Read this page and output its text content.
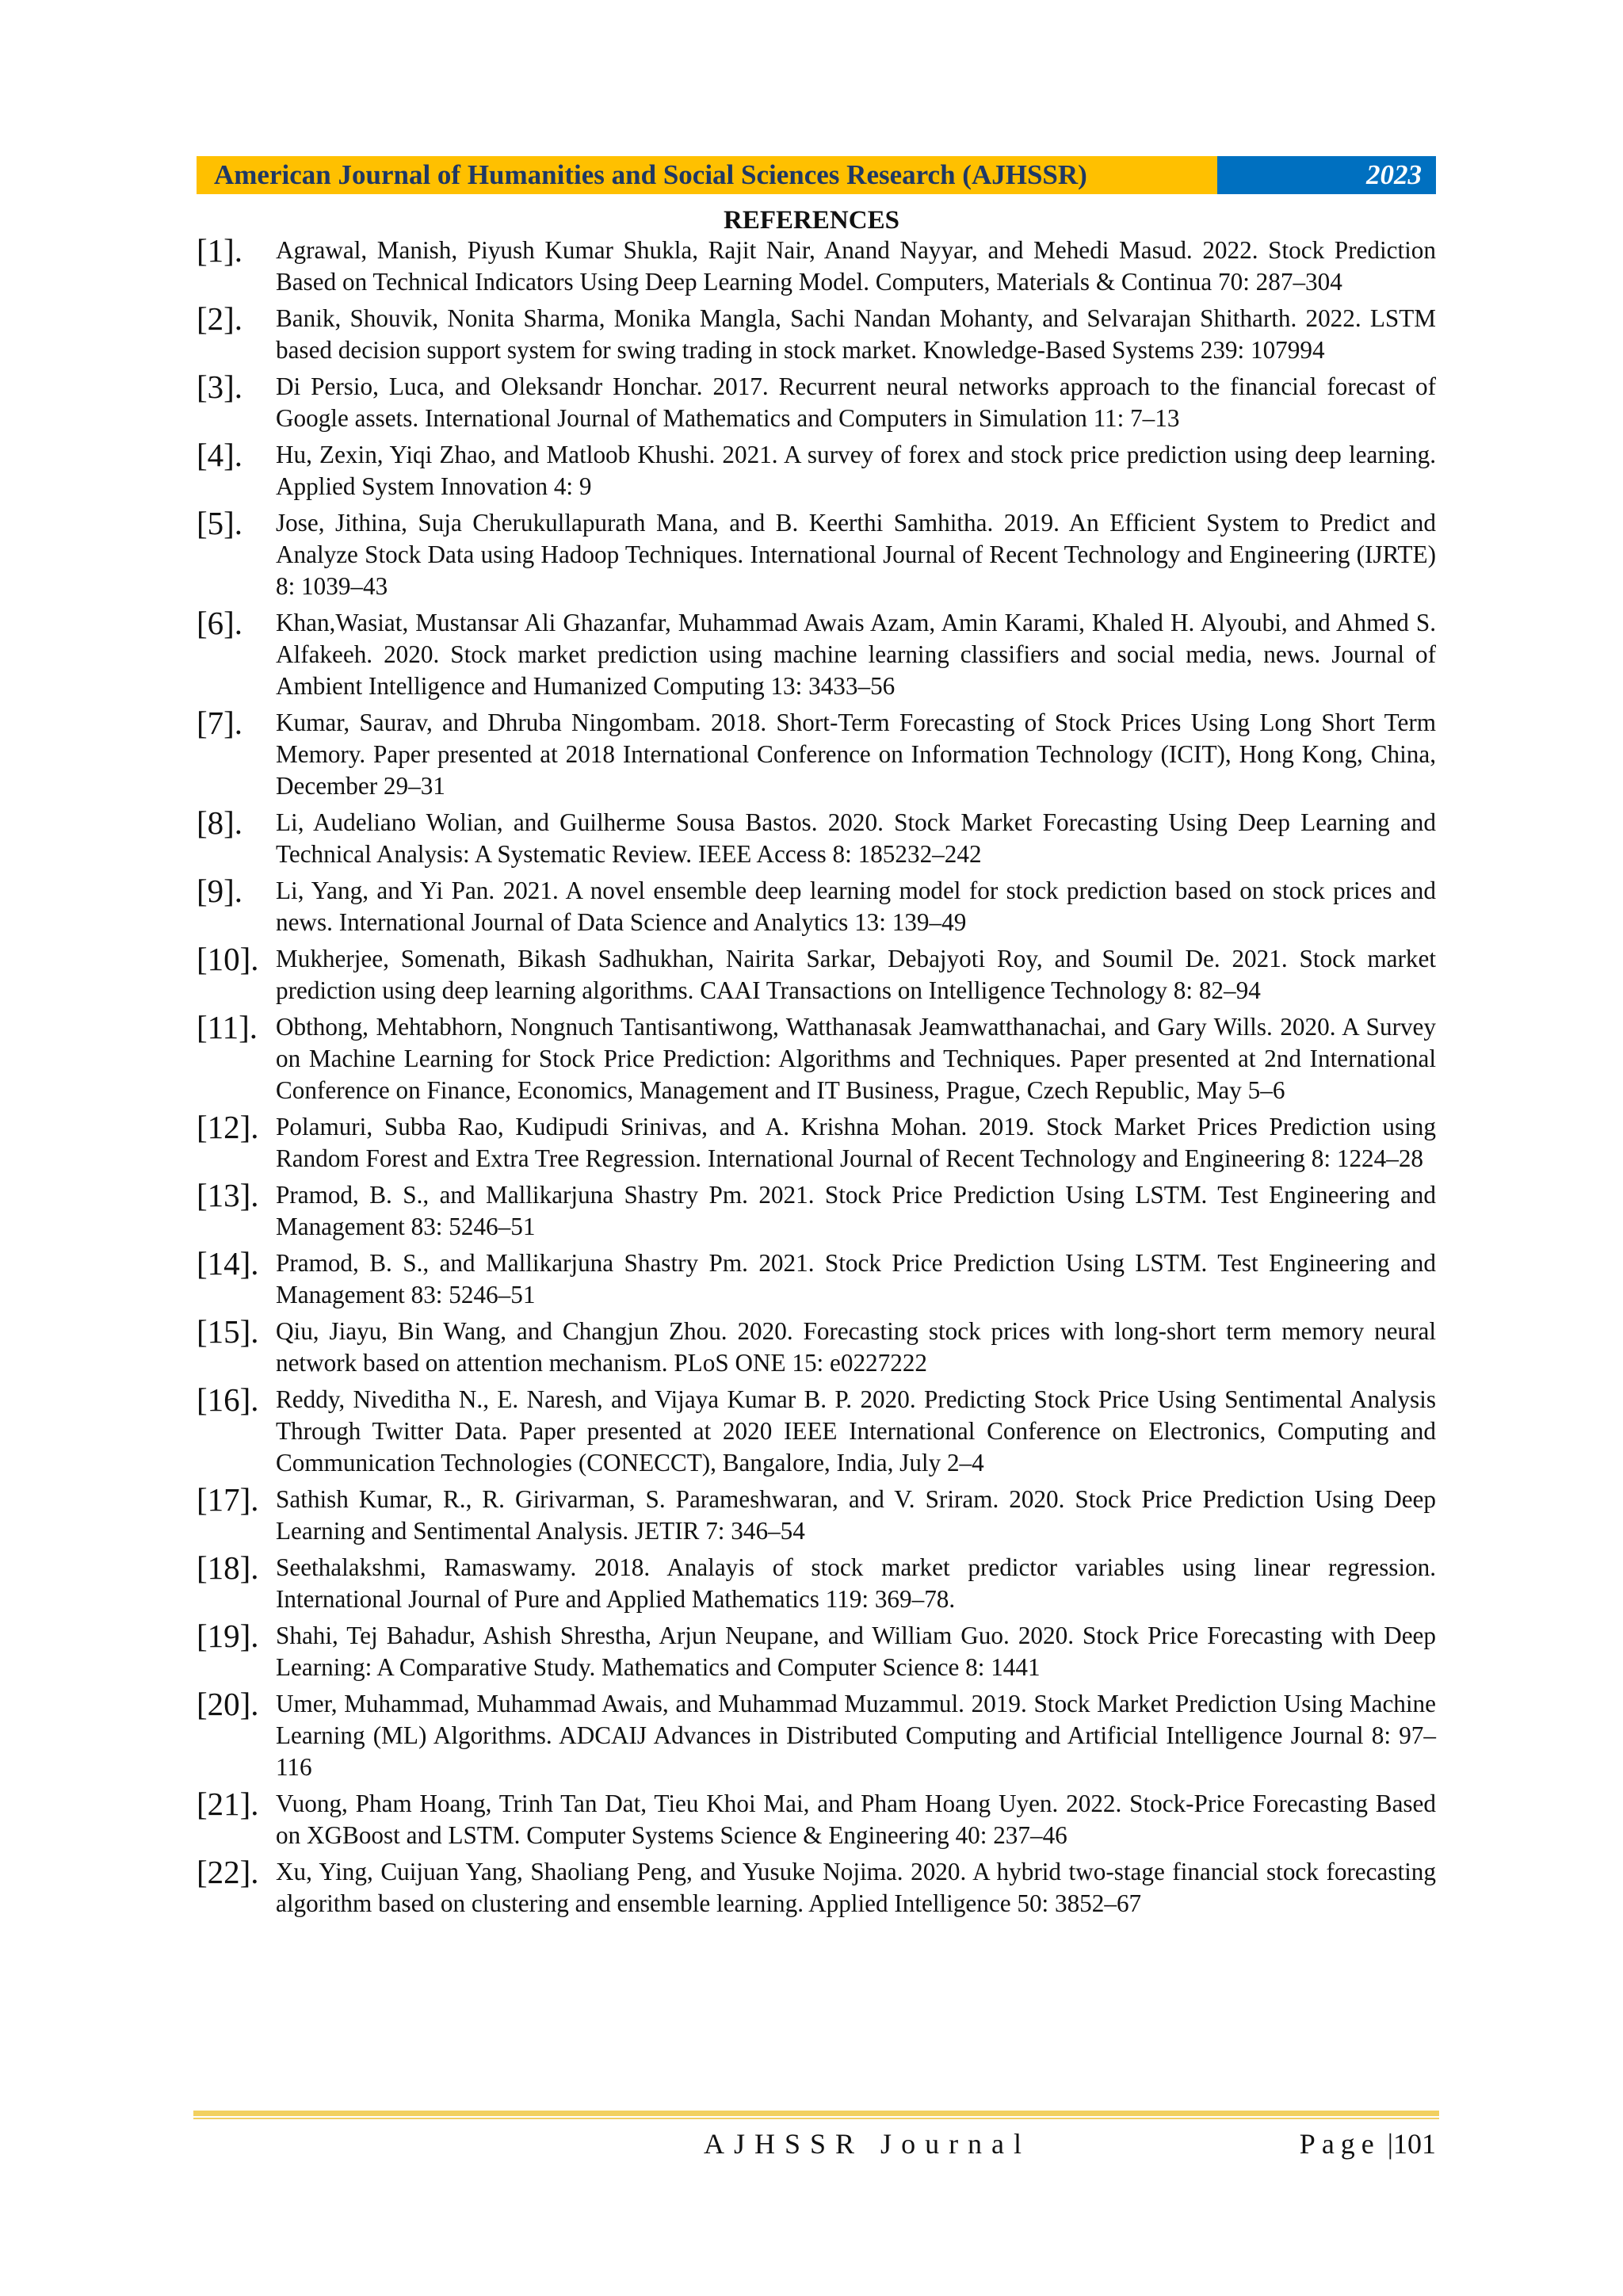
American Journal of Humanities and Social Sciences Research (AJHSSR)	2023
REFERENCES
[1].	Agrawal, Manish, Piyush Kumar Shukla, Rajit Nair, Anand Nayyar, and Mehedi Masud. 2022. Stock Prediction Based on Technical Indicators Using Deep Learning Model. Computers, Materials & Continua 70: 287–304
[2].	Banik, Shouvik, Nonita Sharma, Monika Mangla, Sachi Nandan Mohanty, and Selvarajan Shitharth. 2022. LSTM based decision support system for swing trading in stock market. Knowledge-Based Systems 239: 107994
[3].	Di Persio, Luca, and Oleksandr Honchar. 2017. Recurrent neural networks approach to the financial forecast of Google assets. International Journal of Mathematics and Computers in Simulation 11: 7–13
[4].	Hu, Zexin, Yiqi Zhao, and Matloob Khushi. 2021. A survey of forex and stock price prediction using deep learning. Applied System Innovation 4: 9
[5].	Jose, Jithina, Suja Cherukullapurath Mana, and B. Keerthi Samhitha. 2019. An Efficient System to Predict and Analyze Stock Data using Hadoop Techniques. International Journal of Recent Technology and Engineering (IJRTE) 8: 1039–43
[6].	Khan,Wasiat, Mustansar Ali Ghazanfar, Muhammad Awais Azam, Amin Karami, Khaled H. Alyoubi, and Ahmed S. Alfakeeh. 2020. Stock market prediction using machine learning classifiers and social media, news. Journal of Ambient Intelligence and Humanized Computing 13: 3433–56
[7].	Kumar, Saurav, and Dhruba Ningombam. 2018. Short-Term Forecasting of Stock Prices Using Long Short Term Memory. Paper presented at 2018 International Conference on Information Technology (ICIT), Hong Kong, China, December 29–31
[8].	Li, Audeliano Wolian, and Guilherme Sousa Bastos. 2020. Stock Market Forecasting Using Deep Learning and Technical Analysis: A Systematic Review. IEEE Access 8: 185232–242
[9].	Li, Yang, and Yi Pan. 2021. A novel ensemble deep learning model for stock prediction based on stock prices and news. International Journal of Data Science and Analytics 13: 139–49
[10]. Mukherjee, Somenath, Bikash Sadhukhan, Nairita Sarkar, Debajyoti Roy, and Soumil De. 2021. Stock market prediction using deep learning algorithms. CAAI Transactions on Intelligence Technology 8: 82–94
[11]. Obthong, Mehtabhorn, Nongnuch Tantisantiwong, Watthanasak Jeamwatthanachai, and Gary Wills. 2020. A Survey on Machine Learning for Stock Price Prediction: Algorithms and Techniques. Paper presented at 2nd International Conference on Finance, Economics, Management and IT Business, Prague, Czech Republic, May 5–6
[12]. Polamuri, Subba Rao, Kudipudi Srinivas, and A. Krishna Mohan. 2019. Stock Market Prices Prediction using Random Forest and Extra Tree Regression. International Journal of Recent Technology and Engineering 8: 1224–28
[13]. Pramod, B. S., and Mallikarjuna Shastry Pm. 2021. Stock Price Prediction Using LSTM. Test Engineering and Management 83: 5246–51
[14]. Pramod, B. S., and Mallikarjuna Shastry Pm. 2021. Stock Price Prediction Using LSTM. Test Engineering and Management 83: 5246–51
[15]. Qiu, Jiayu, Bin Wang, and Changjun Zhou. 2020. Forecasting stock prices with long-short term memory neural network based on attention mechanism. PLoS ONE 15: e0227222
[16]. Reddy, Niveditha N., E. Naresh, and Vijaya Kumar B. P. 2020. Predicting Stock Price Using Sentimental Analysis Through Twitter Data. Paper presented at 2020 IEEE International Conference on Electronics, Computing and Communication Technologies (CONECCT), Bangalore, India, July 2–4
[17]. Sathish Kumar, R., R. Girivarman, S. Parameshwaran, and V. Sriram. 2020. Stock Price Prediction Using Deep Learning and Sentimental Analysis. JETIR 7: 346–54
[18]. Seethalakshmi, Ramaswamy. 2018. Analayis of stock market predictor variables using linear regression. International Journal of Pure and Applied Mathematics 119: 369–78.
[19]. Shahi, Tej Bahadur, Ashish Shrestha, Arjun Neupane, and William Guo. 2020. Stock Price Forecasting with Deep Learning: A Comparative Study. Mathematics and Computer Science 8: 1441
[20]. Umer, Muhammad, Muhammad Awais, and Muhammad Muzammul. 2019. Stock Market Prediction Using Machine Learning (ML) Algorithms. ADCAIJ Advances in Distributed Computing and Artificial Intelligence Journal 8: 97–116
[21]. Vuong, Pham Hoang, Trinh Tan Dat, Tieu Khoi Mai, and Pham Hoang Uyen. 2022. Stock-Price Forecasting Based on XGBoost and LSTM. Computer Systems Science & Engineering 40: 237–46
[22]. Xu, Ying, Cuijuan Yang, Shaoliang Peng, and Yusuke Nojima. 2020. A hybrid two-stage financial stock forecasting algorithm based on clustering and ensemble learning. Applied Intelligence 50: 3852–67
AJHSSR Journal	Page |101
